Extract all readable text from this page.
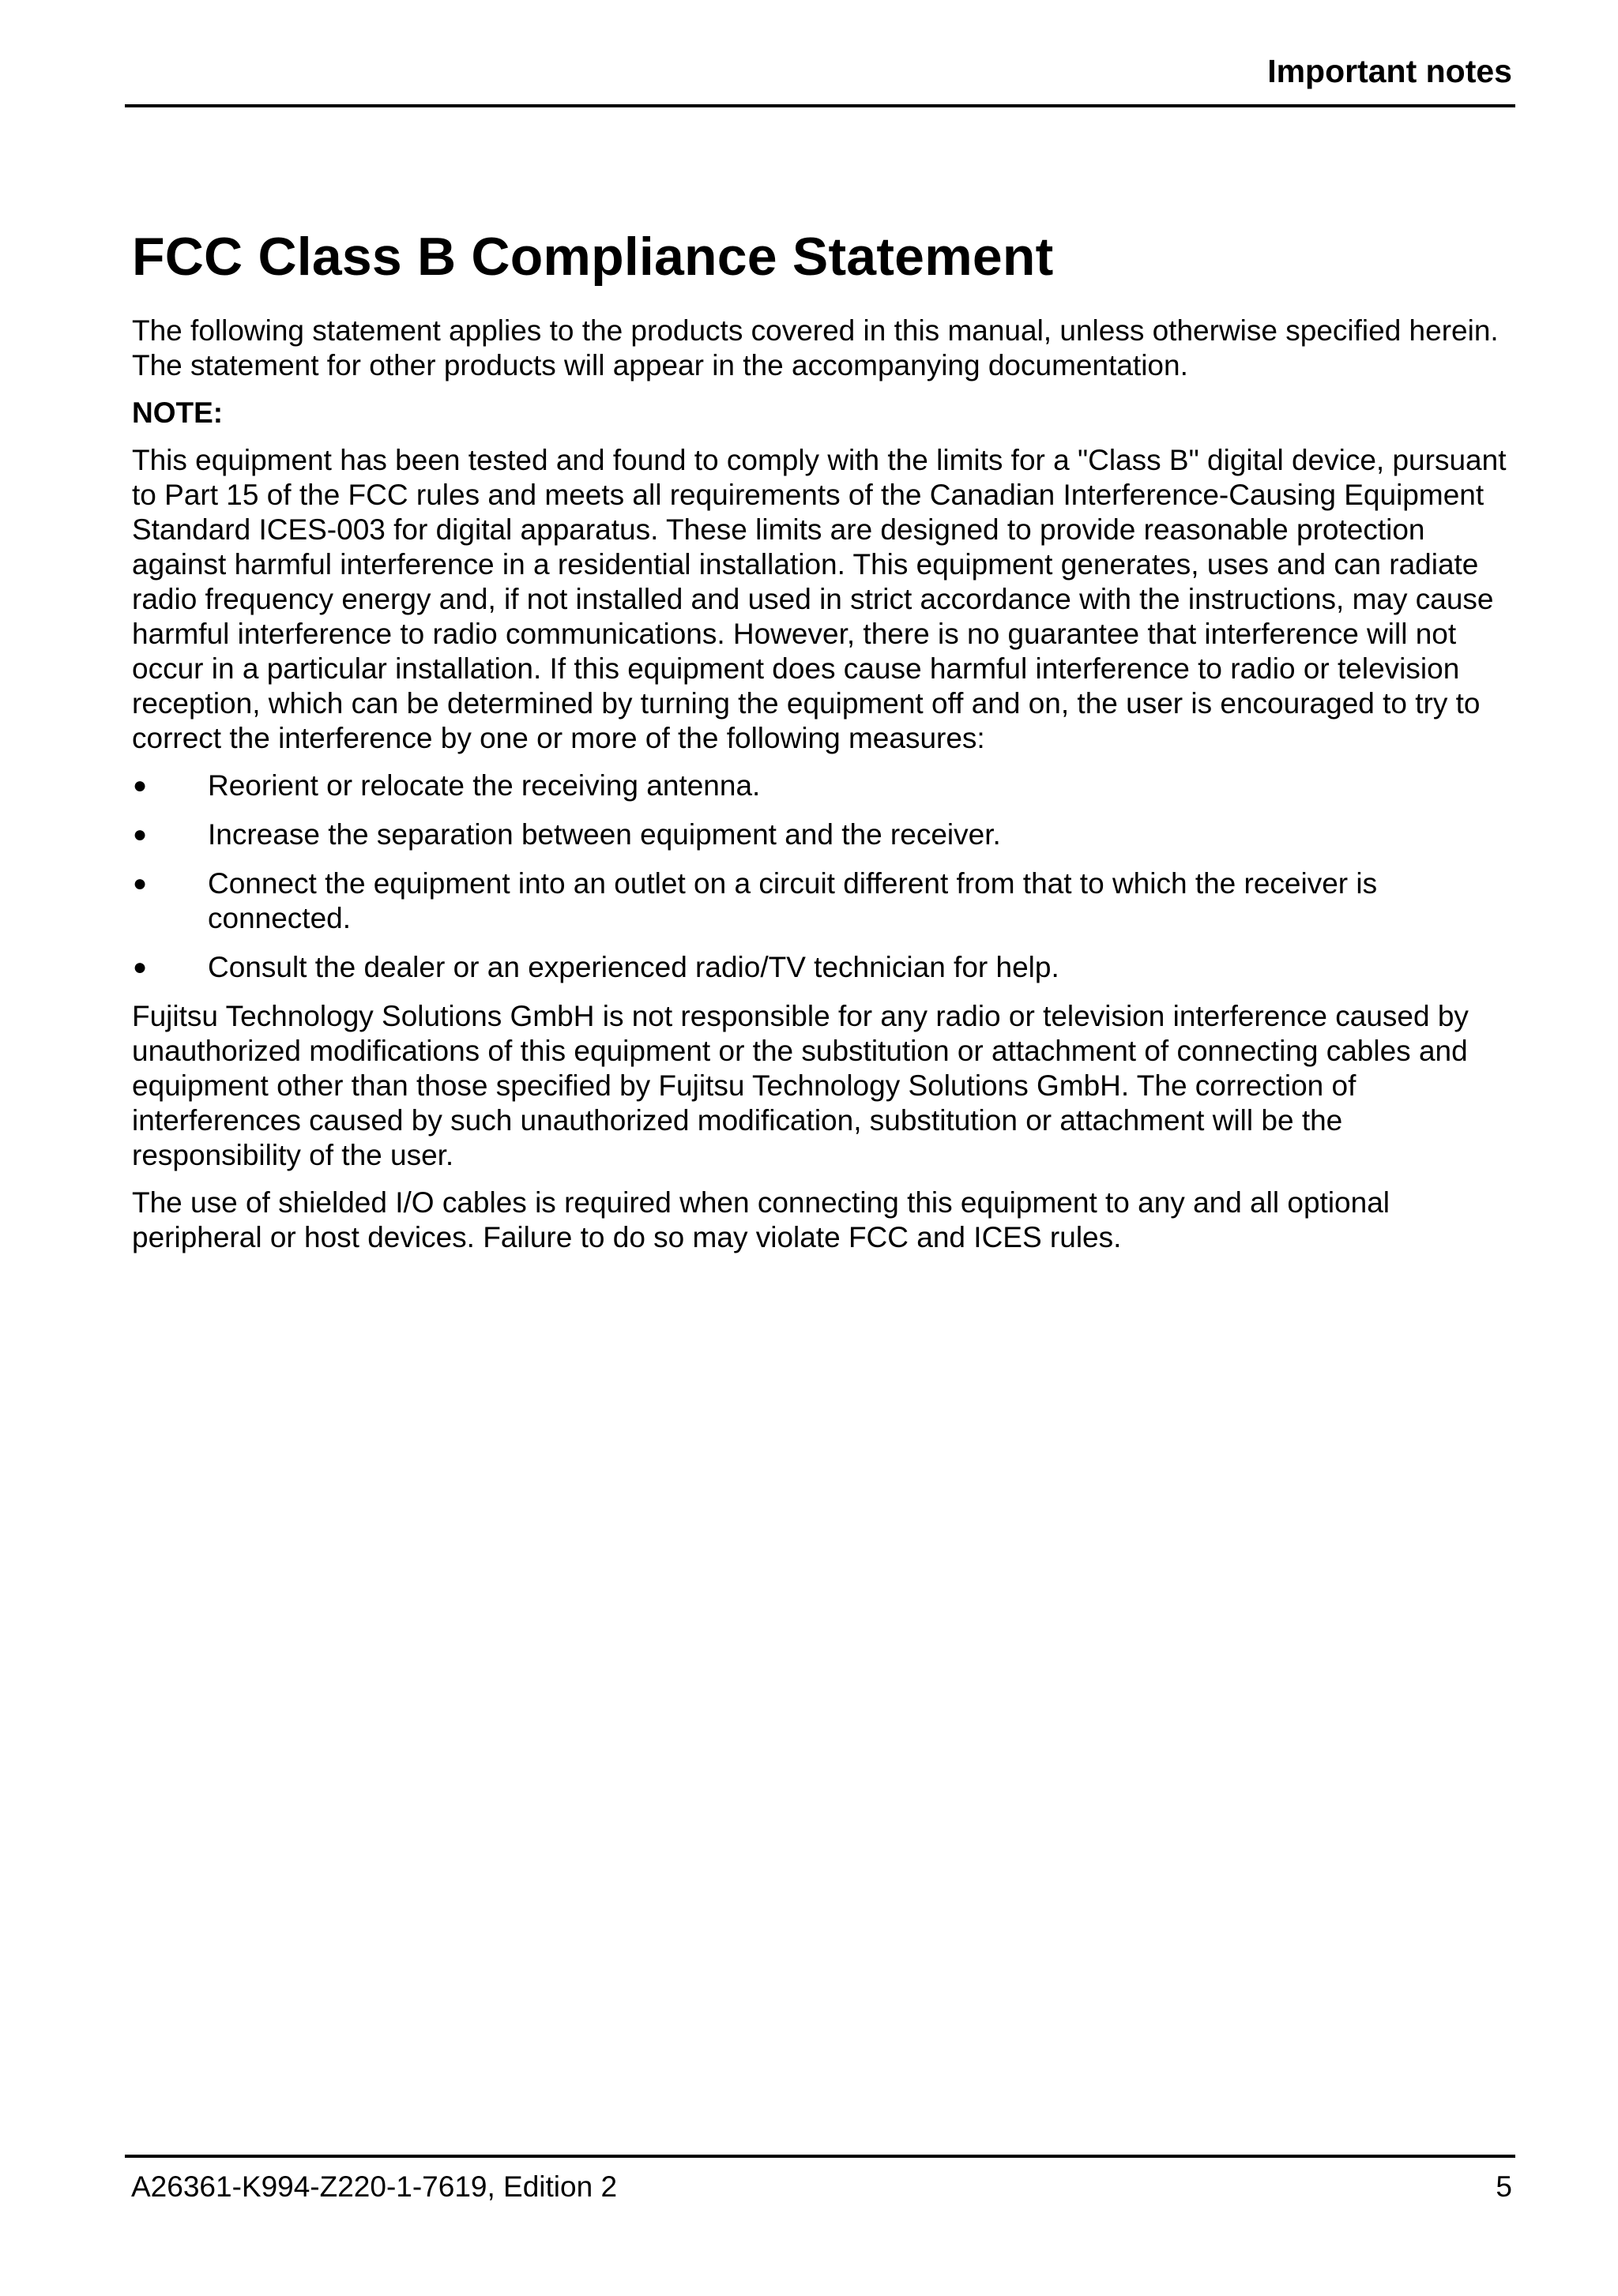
Important notes

FCC Class B Compliance Statement

The following statement applies to the products covered in this manual, unless otherwise specified herein. The statement for other products will appear in the accompanying documentation.

NOTE:

This equipment has been tested and found to comply with the limits for a "Class B" digital device, pursuant to Part 15 of the FCC rules and meets all requirements of the Canadian Interference-Causing Equipment Standard ICES-003 for digital apparatus. These limits are designed to provide reasonable protection against harmful interference in a residential installation. This equipment generates, uses and can radiate radio frequency energy and, if not installed and used in strict accordance with the instructions, may cause harmful interference to radio communications. However, there is no guarantee that interference will not occur in a particular installation. If this equipment does cause harmful interference to radio or television reception, which can be determined by turning the equipment off and on, the user is encouraged to try to correct the interference by one or more of the following measures:

● Reorient or relocate the receiving antenna.
● Increase the separation between equipment and the receiver.
● Connect the equipment into an outlet on a circuit different from that to which the receiver is connected.
● Consult the dealer or an experienced radio/TV technician for help.

Fujitsu Technology Solutions GmbH is not responsible for any radio or television interference caused by unauthorized modifications of this equipment or the substitution or attachment of connecting cables and equipment other than those specified by Fujitsu Technology Solutions GmbH. The correction of interferences caused by such unauthorized modification, substitution or attachment will be the responsibility of the user.

The use of shielded I/O cables is required when connecting this equipment to any and all optional peripheral or host devices. Failure to do so may violate FCC and ICES rules.

A26361-K994-Z220-1-7619, Edition 2	5
